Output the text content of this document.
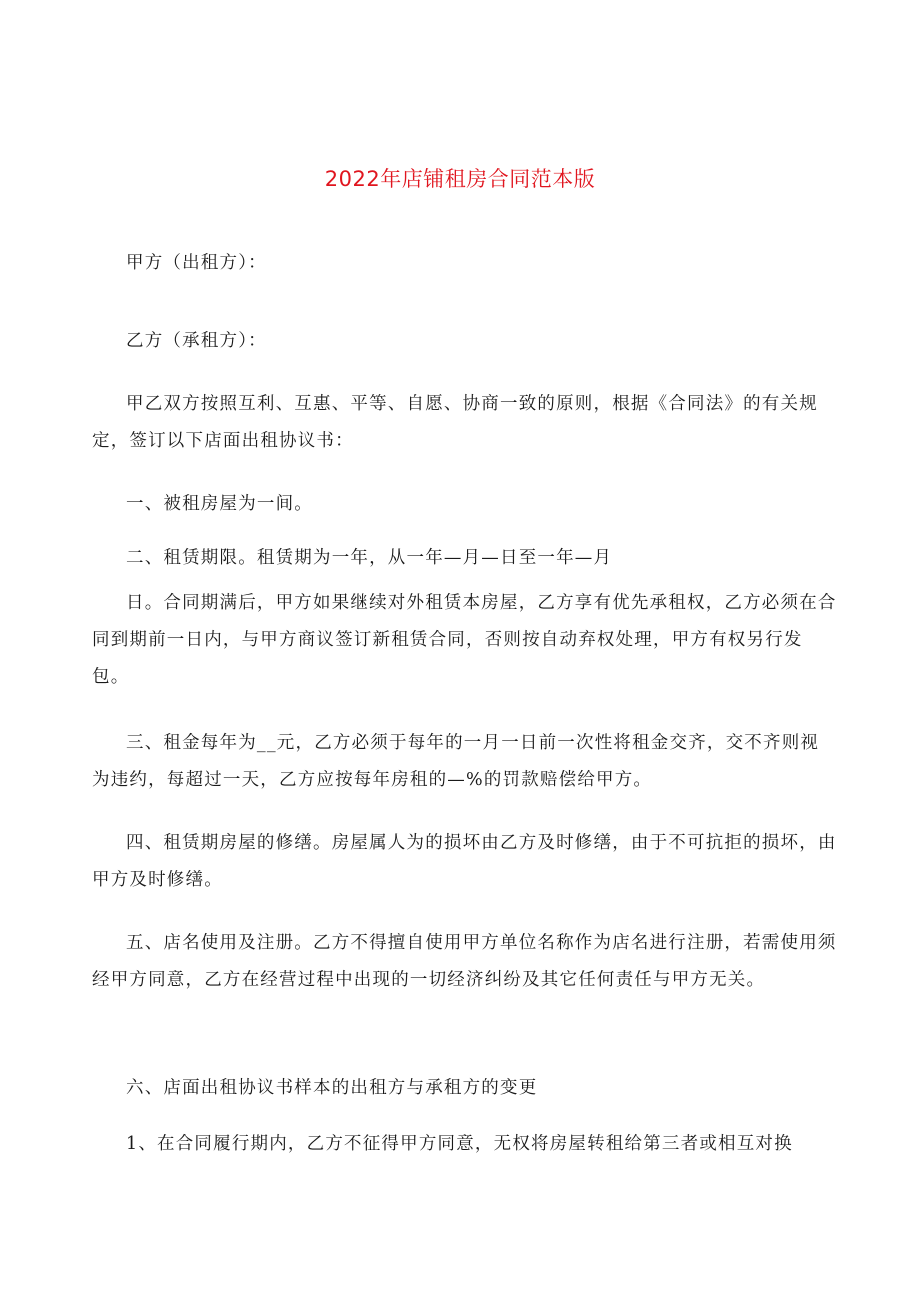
2022年店铺租房合同范本版
甲方（出租方）：
乙方（承租方）：
甲乙双方按照互利、互惠、平等、自愿、协商一致的原则，根据《合同法》的有关规定，签订以下店面出租协议书：
一、被租房屋为一间。
二、租赁期限。租赁期为一年，从一年—月—日至一年—月
日。合同期满后，甲方如果继续对外租赁本房屋，乙方享有优先承租权，乙方必须在合同到期前一日内，与甲方商议签订新租赁合同，否则按自动弃权处理，甲方有权另行发包。
三、租金每年为__元，乙方必须于每年的一月一日前一次性将租金交齐，交不齐则视为违约，每超过一天，乙方应按每年房租的—%的罚款赔偿给甲方。
四、租赁期房屋的修缮。房屋属人为的损坏由乙方及时修缮，由于不可抗拒的损坏，由甲方及时修缮。
五、店名使用及注册。乙方不得擅自使用甲方单位名称作为店名进行注册，若需使用须经甲方同意，乙方在经营过程中出现的一切经济纠纷及其它任何责任与甲方无关。
六、店面出租协议书样本的出租方与承租方的变更
1、在合同履行期内，乙方不征得甲方同意，无权将房屋转租给第三者或相互对换
